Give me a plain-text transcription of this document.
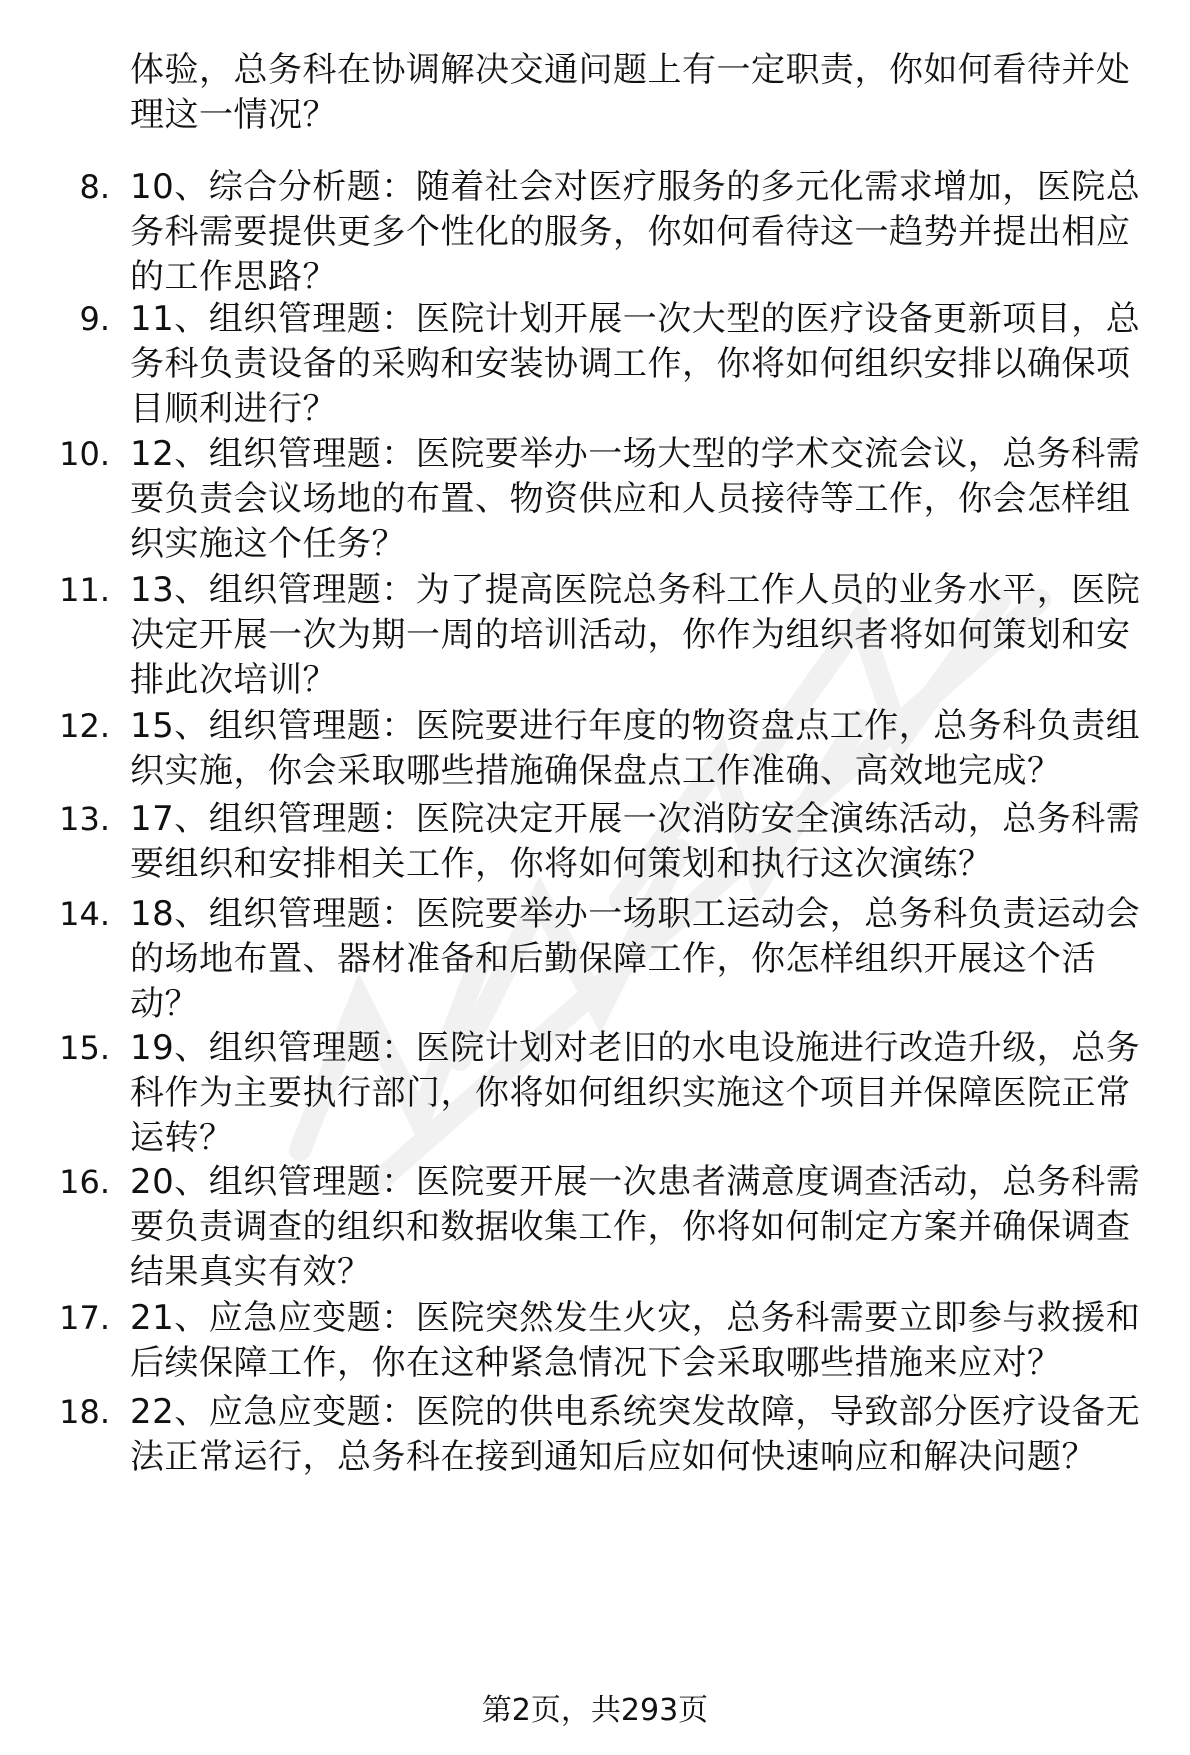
体验，总务科在协调解决交通问题上有一定职责，你如何看待并处理这一情况？
8. 10、综合分析题：随着社会对医疗服务的多元化需求增加，医院总务科需要提供更多个性化的服务，你如何看待这一趋势并提出相应的工作思路？
9. 11、组织管理题：医院计划开展一次大型的医疗设备更新项目，总务科负责设备的采购和安装协调工作，你将如何组织安排以确保项目顺利进行？
10. 12、组织管理题：医院要举办一场大型的学术交流会议，总务科需要负责会议场地的布置、物资供应和人员接待等工作，你会怎样组织实施这个任务？
11. 13、组织管理题：为了提高医院总务科工作人员的业务水平，医院决定开展一次为期一周的培训活动，你作为组织者将如何策划和安排此次培训？
12. 15、组织管理题：医院要进行年度的物资盘点工作，总务科负责组织实施，你会采取哪些措施确保盘点工作准确、高效地完成？
13. 17、组织管理题：医院决定开展一次消防安全演练活动，总务科需要组织和安排相关工作，你将如何策划和执行这次演练？
14. 18、组织管理题：医院要举办一场职工运动会，总务科负责运动会的场地布置、器材准备和后勤保障工作，你怎样组织开展这个活动？
15. 19、组织管理题：医院计划对老旧的水电设施进行改造升级，总务科作为主要执行部门，你将如何组织实施这个项目并保障医院正常运转？
16. 20、组织管理题：医院要开展一次患者满意度调查活动，总务科需要负责调查的组织和数据收集工作，你将如何制定方案并确保调查结果真实有效？
17. 21、应急应变题：医院突然发生火灾，总务科需要立即参与救援和后续保障工作，你在这种紧急情况下会采取哪些措施来应对？
18. 22、应急应变题：医院的供电系统突发故障，导致部分医疗设备无法正常运行，总务科在接到通知后应如何快速响应和解决问题？
第2页，共293页
